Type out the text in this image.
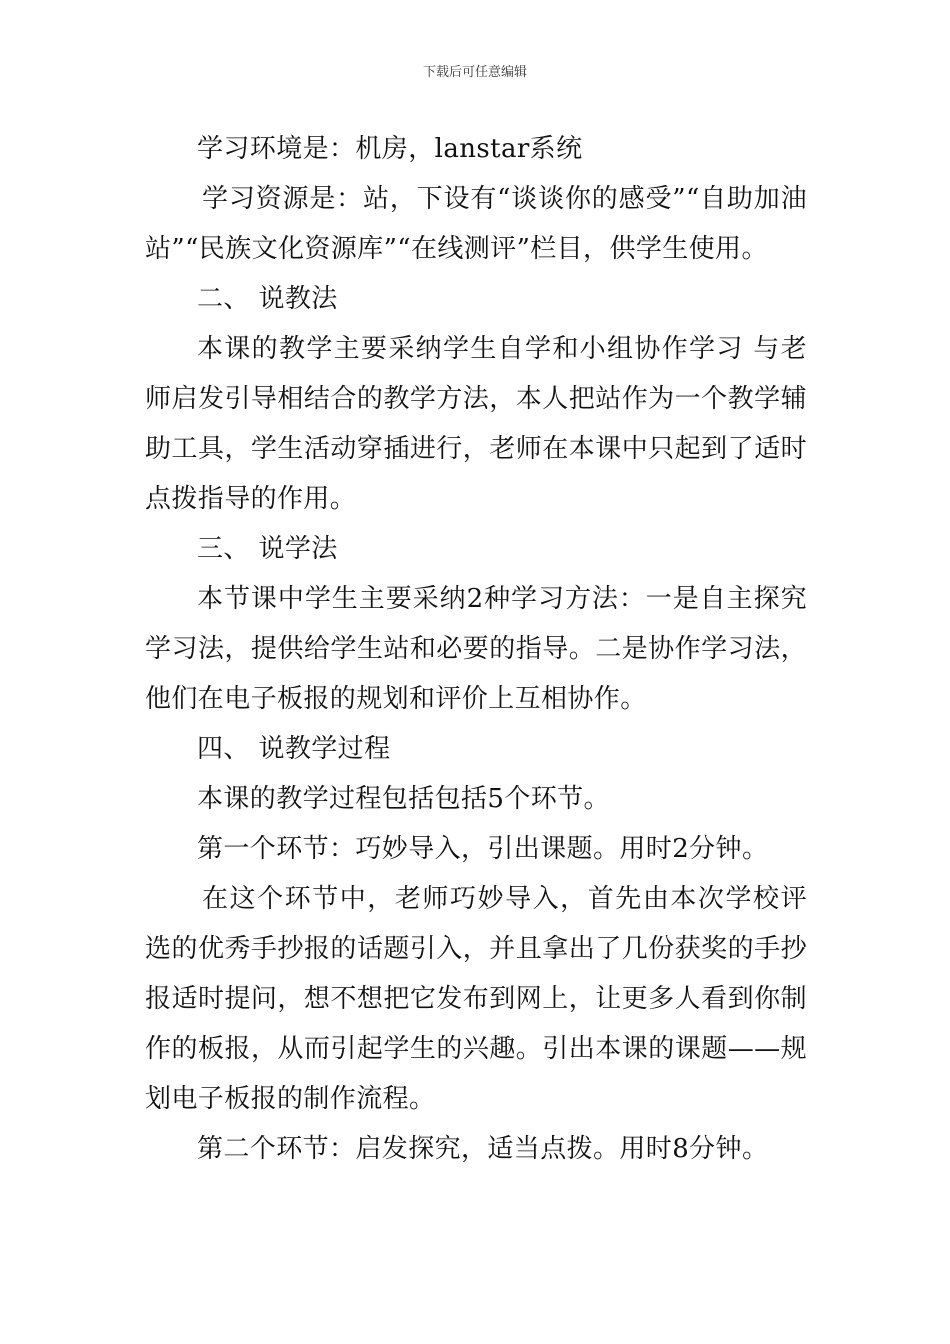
下载后可任意编辑

学习环境是：机房，lanstar系统

学习资源是：站，下设有“谈谈你的感受”“自助加油站”“民族文化资源库”“在线测评”栏目，供学生使用。

二、 说教法

本课的教学主要采纳学生自学和小组协作学习 与老师启发引导相结合的教学方法，本人把站作为一个教学辅助工具，学生活动穿插进行，老师在本课中只起到了适时点拨指导的作用。

三、 说学法

本节课中学生主要采纳2种学习方法：一是自主探究学习法，提供给学生站和必要的指导。二是协作学习法，他们在电子板报的规划和评价上互相协作。

四、 说教学过程

本课的教学过程包括包括5个环节。

第一个环节：巧妙导入，引出课题。用时2分钟。

在这个环节中，老师巧妙导入，首先由本次学校评选的优秀手抄报的话题引入，并且拿出了几份获奖的手抄报适时提问，想不想把它发布到网上，让更多人看到你制作的板报，从而引起学生的兴趣。引出本课的课题——规划电子板报的制作流程。

第二个环节：启发探究，适当点拨。用时8分钟。
